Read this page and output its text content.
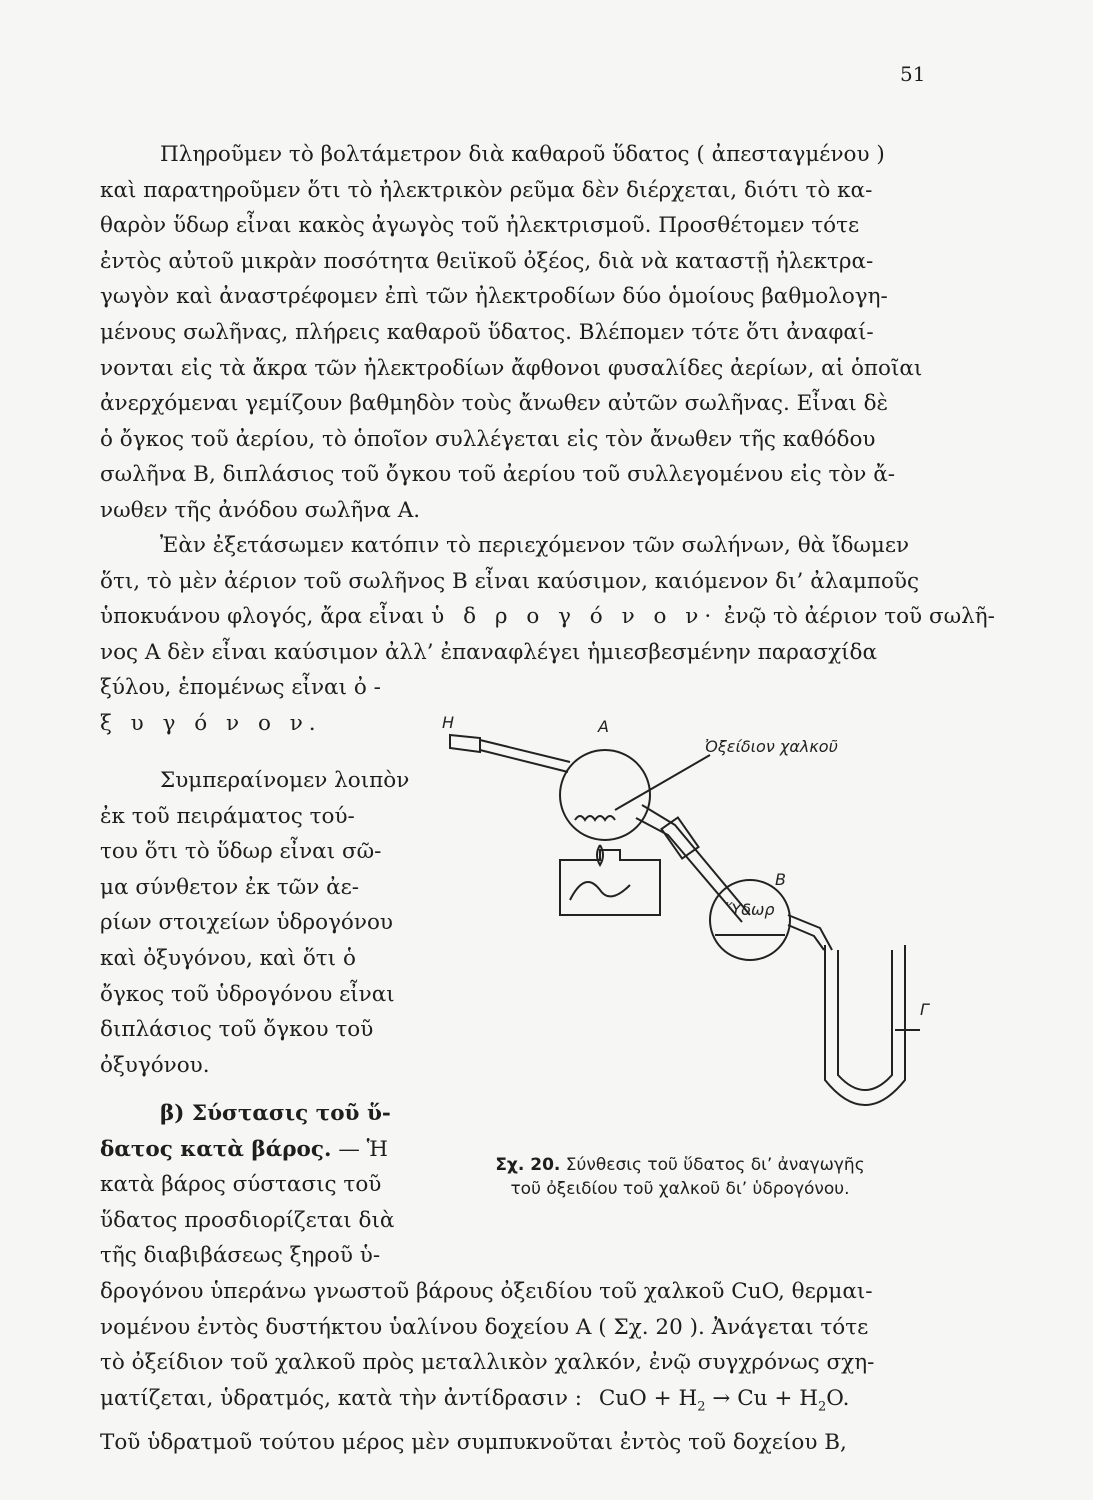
51
Πληροῦμεν τὸ βολτάμετρον διὰ καθαροῦ ὕδατος ( ἀπεσταγμένου )
καὶ παρατηροῦμεν ὅτι τὸ ἠλεκτρικὸν ρεῦμα δὲν διέρχεται, διότι τὸ κα-
θαρὸν ὕδωρ εἶναι κακὸς ἀγωγὸς τοῦ ἠλεκτρισμοῦ. Προσθέτομεν τότε
ἐντὸς αὐτοῦ μικρὰν ποσότητα θειϊκοῦ ὀξέος, διὰ νὰ καταστῇ ἠλεκτρα-
γωγὸν καὶ ἀναστρέφομεν ἐπὶ τῶν ἠλεκτροδίων δύο ὁμοίους βαθμολογη-
μένους σωλῆνας, πλήρεις καθαροῦ ὕδατος. Βλέπομεν τότε ὅτι ἀναφαί-
νονται εἰς τὰ ἄκρα τῶν ἠλεκτροδίων ἄφθονοι φυσαλίδες ἀερίων, αἱ ὁποῖαι
ἀνερχόμεναι γεμίζουν βαθμηδὸν τοὺς ἄνωθεν αὐτῶν σωλῆνας. Εἶναι δὲ
ὁ ὄγκος τοῦ ἀερίου, τὸ ὁποῖον συλλέγεται εἰς τὸν ἄνωθεν τῆς καθόδου
σωλῆνα Β, διπλάσιος τοῦ ὄγκου τοῦ ἀερίου τοῦ συλλεγομένου εἰς τὸν ἄ-
νωθεν τῆς ἀνόδου σωλῆνα Α.
Ἐὰν ἐξετάσωμεν κατόπιν τὸ περιεχόμενον τῶν σωλήνων, θὰ ἴδωμεν
ὅτι, τὸ μὲν ἀέριον τοῦ σωλῆνος Β εἶναι καύσιμον, καιόμενον δι’ ἀλαμποῦς
ὑποκυάνου φλογός, ἄρα εἶναι ὑ δ ρ ο γ ό ν ο ν· ἐνῷ τὸ ἀέριον τοῦ σωλῆ-
νος Α δὲν εἶναι καύσιμον ἀλλ’ ἐπαναφλέγει ἡμιεσβεσμένην παρασχίδα
ξύλου, ἑπομένως εἶναι ὀ -
ξ υ γ ό ν ο ν.
Συμπεραίνομεν λοιπὸν
ἐκ τοῦ πειράματος τού-
του ὅτι τὸ ὕδωρ εἶναι σῶ-
μα σύνθετον ἐκ τῶν ἀε-
ρίων στοιχείων ὑδρογόνου
καὶ ὀξυγόνου, καὶ ὅτι ὁ
ὄγκος τοῦ ὑδρογόνου εἶναι
διπλάσιος τοῦ ὄγκου τοῦ
ὀξυγόνου.
β) Σύστασις τοῦ ὕ-
δατος κατὰ βάρος. — Ἡ
κατὰ βάρος σύστασις τοῦ
ὕδατος προσδιορίζεται διὰ
τῆς διαβιβάσεως ξηροῦ ὑ-
δρογόνου ὑπεράνω γνωστοῦ βάρους ὀξειδίου τοῦ χαλκοῦ CuO, θερμαι-
νομένου ἐντὸς δυστήκτου ὑαλίνου δοχείου Α ( Σχ. 20 ). Ἀνάγεται τότε
τὸ ὀξείδιον τοῦ χαλκοῦ πρὸς μεταλλικὸν χαλκόν, ἐνῷ συγχρόνως σχη-
ματίζεται, ὑδρατμός, κατὰ τὴν ἀντίδρασιν : CuO + $H_2 \to Cu + H_2O$.
Τοῦ ὑδρατμοῦ τούτου μέρος μὲν συμπυκνοῦται ἐντὸς τοῦ δοχείου Β,
H	A
Ὀξείδιον χαλκοῦ
B
Ὕδωρ
Γ
Σχ. 20. Σύνθεσις τοῦ ὕδατος δι’ ἀναγωγῆς
τοῦ ὀξειδίου τοῦ χαλκοῦ δι’ ὑδρογόνου.
